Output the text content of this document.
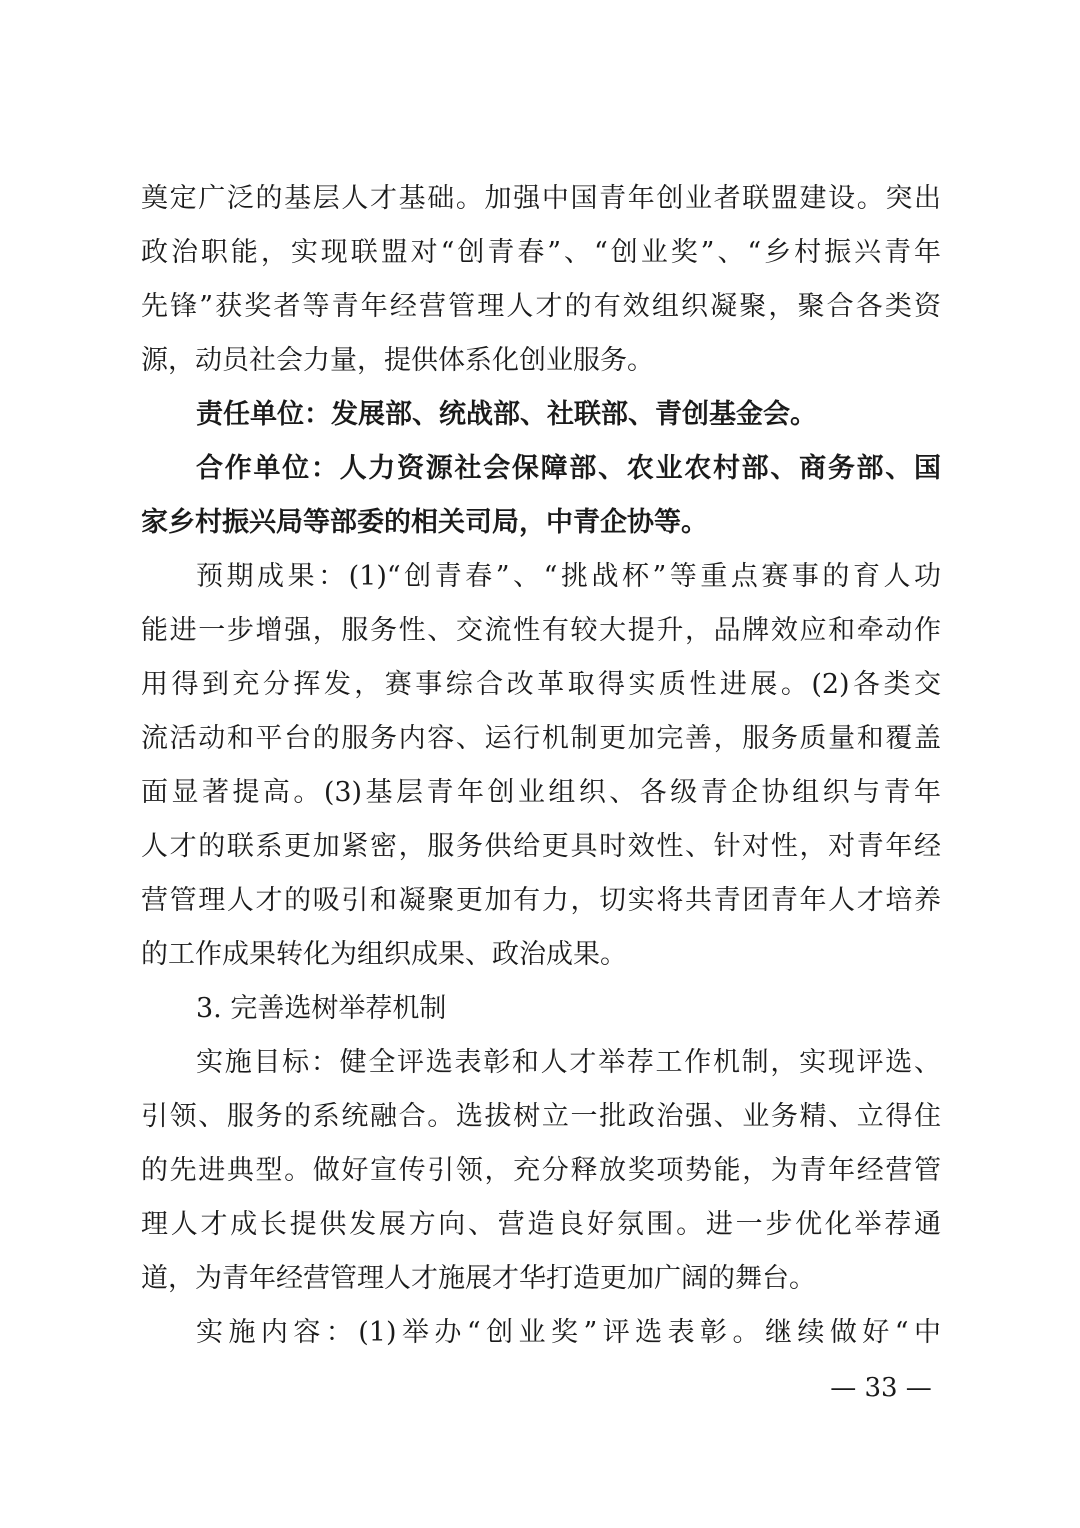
奠定广泛的基层人才基础。加强中国青年创业者联盟建设。突出
政治职能，实现联盟对“创青春”、“创业奖”、“乡村振兴青年
先锋”获奖者等青年经营管理人才的有效组织凝聚，聚合各类资
源，动员社会力量，提供体系化创业服务。
责任单位：发展部、统战部、社联部、青创基金会。
合作单位：人力资源社会保障部、农业农村部、商务部、国
家乡村振兴局等部委的相关司局，中青企协等。
预期成果：(1)“创青春”、“挑战杯”等重点赛事的育人功
能进一步增强，服务性、交流性有较大提升，品牌效应和牵动作
用得到充分挥发，赛事综合改革取得实质性进展。(2)各类交
流活动和平台的服务内容、运行机制更加完善，服务质量和覆盖
面显著提高。(3)基层青年创业组织、各级青企协组织与青年
人才的联系更加紧密，服务供给更具时效性、针对性，对青年经
营管理人才的吸引和凝聚更加有力，切实将共青团青年人才培养
的工作成果转化为组织成果、政治成果。
3. 完善选树举荐机制
实施目标：健全评选表彰和人才举荐工作机制，实现评选、
引领、服务的系统融合。选拔树立一批政治强、业务精、立得住
的先进典型。做好宣传引领，充分释放奖项势能，为青年经营管
理人才成长提供发展方向、营造良好氛围。进一步优化举荐通
道，为青年经营管理人才施展才华打造更加广阔的舞台。
实施内容：(1)举办“创业奖”评选表彰。继续做好“中
— 33 —
